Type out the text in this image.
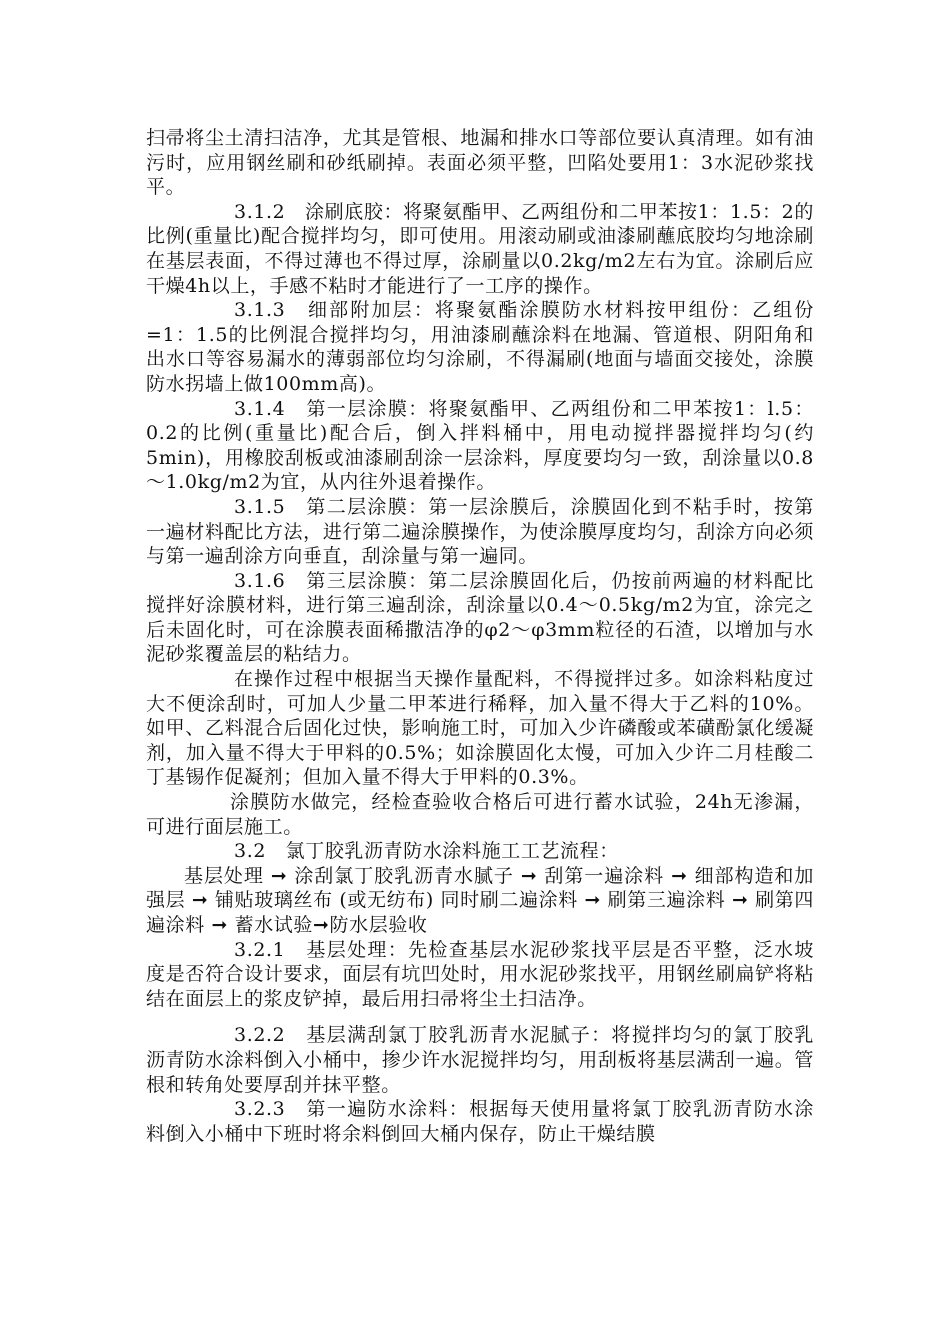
扫帚将尘土清扫洁净，尤其是管根、地漏和排水口等部位要认真清理。如有油污时，应用钢丝刷和砂纸刷掉。表面必须平整，凹陷处要用1：3水泥砂浆找平。

3.1.2　涂刷底胶：将聚氨酯甲、乙两组份和二甲苯按1：1.5：2的比例(重量比)配合搅拌均匀，即可使用。用滚动刷或油漆刷蘸底胶均匀地涂刷在基层表面，不得过薄也不得过厚，涂刷量以0.2kg/m2左右为宜。涂刷后应干燥4h以上，手感不粘时才能进行了一工序的操作。

3.1.3　细部附加层：将聚氨酯涂膜防水材料按甲组份：乙组份=1：1.5的比例混合搅拌均匀，用油漆刷蘸涂料在地漏、管道根、阴阳角和出水口等容易漏水的薄弱部位均匀涂刷，不得漏刷(地面与墙面交接处，涂膜防水拐墙上做100mm高)。

3.1.4　第一层涂膜：将聚氨酯甲、乙两组份和二甲苯按1：l.5：0.2的比例(重量比)配合后，倒入拌料桶中，用电动搅拌器搅拌均匀(约5min)，用橡胶刮板或油漆刷刮涂一层涂料，厚度要均匀一致，刮涂量以0.8～1.0kg/m2为宜，从内往外退着操作。

3.1.5　第二层涂膜：第一层涂膜后，涂膜固化到不粘手时，按第一遍材料配比方法，进行第二遍涂膜操作，为使涂膜厚度均匀，刮涂方向必须与第一遍刮涂方向垂直，刮涂量与第一遍同。

3.1.6　第三层涂膜：第二层涂膜固化后，仍按前两遍的材料配比搅拌好涂膜材料，进行第三遍刮涂，刮涂量以0.4～0.5kg/m2为宜，涂完之后未固化时，可在涂膜表面稀撒洁净的φ2～φ3mm粒径的石渣，以增加与水泥砂浆覆盖层的粘结力。

在操作过程中根据当天操作量配料，不得搅拌过多。如涂料粘度过大不便涂刮时，可加人少量二甲苯进行稀释，加入量不得大于乙料的10%。如甲、乙料混合后固化过快，影响施工时，可加入少许磷酸或苯磺酚氯化缓凝剂，加入量不得大于甲料的0.5%；如涂膜固化太慢，可加入少许二月桂酸二丁基锡作促凝剂；但加入量不得大于甲料的0.3%。

涂膜防水做完，经检查验收合格后可进行蓄水试验，24h无渗漏，可进行面层施工。

3.2　氯丁胶乳沥青防水涂料施工工艺流程：

基层处理 ➞ 涂刮氯丁胶乳沥青水腻子 ➞ 刮第一遍涂料 ➞ 细部构造和加强层 ➞ 铺贴玻璃丝布 (或无纺布) 同时刷二遍涂料 ➞ 刷第三遍涂料 ➞ 刷第四遍涂料 ➞ 蓄水试验➞防水层验收

3.2.1　基层处理：先检查基层水泥砂浆找平层是否平整，泛水坡度是否符合设计要求，面层有坑凹处时，用水泥砂浆找平，用钢丝刷扁铲将粘结在面层上的浆皮铲掉，最后用扫帚将尘土扫洁净。

3.2.2　基层满刮氯丁胶乳沥青水泥腻子：将搅拌均匀的氯丁胶乳沥青防水涂料倒入小桶中，掺少许水泥搅拌均匀，用刮板将基层满刮一遍。管根和转角处要厚刮并抹平整。

3.2.3　第一遍防水涂料：根据每天使用量将氯丁胶乳沥青防水涂料倒入小桶中下班时将余料倒回大桶内保存，防止干燥结膜
